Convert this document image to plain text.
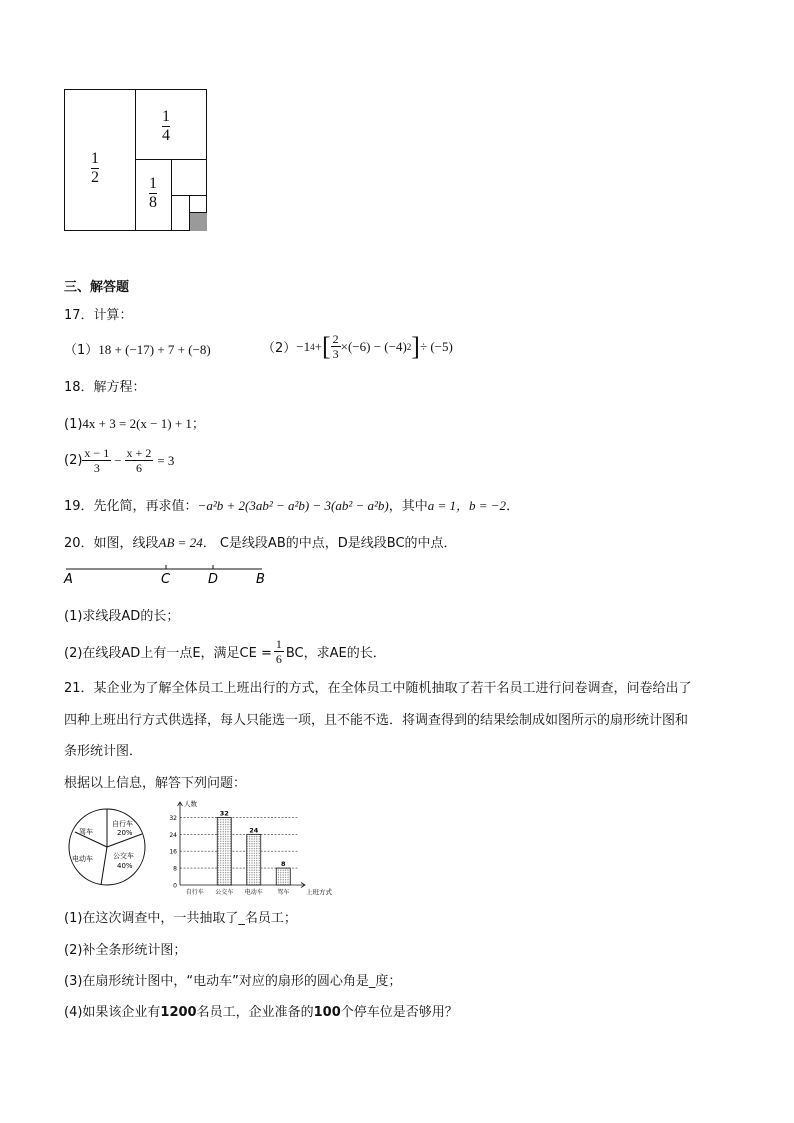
$\frac{1}{2}$
$\frac{1}{4}$
$\frac{1}{8}$
三、解答题
17．计算：
（1）18 + (−17) + 7 + (−8)	（2） −1 4 + [ $\frac{2}{3} \times(-6) - (-4)$ 2 ] ÷ (−5)
18．解方程：
(1)4x + 3 = 2(x − 1) + 1；
$(2) \frac{x - 1}{3} - \frac{x + 2}{6} = 3$
19．先化简，再求值：−a²b + 2(3ab² − a²b) − 3(ab² − a²b)，其中a = 1，b = −2．
20．如图，线段AB = 24． C是线段AB的中点，D是线段BC的中点．
A	C	D	B
(1)求线段AD的长；
(2)在线段AD上有一点E，满足CE = $\frac{1}{6}$ BC，求AE的长．
21．某企业为了解全体员工上班出行的方式，在全体员工中随机抽取了若干名员工进行问卷调查，问卷给出了
四种上班出行方式供选择，每人只能选一项，且不能不选．将调查得到的结果绘制成如图所示的扇形统计图和
条形统计图．
根据以上信息，解答下列问题：
自行车
20%
公交车
40%
电动车
驾车
0
8
16
24
32
人数
上班方式
自行车
32
公交车
24
电动车
8
驾车
(1)在这次调查中，一共抽取了_名员工；
(2)补全条形统计图；
(3)在扇形统计图中，“电动车”对应的扇形的圆心角是_度；
(4)如果该企业有1200名员工，企业准备的100个停车位是否够用？
